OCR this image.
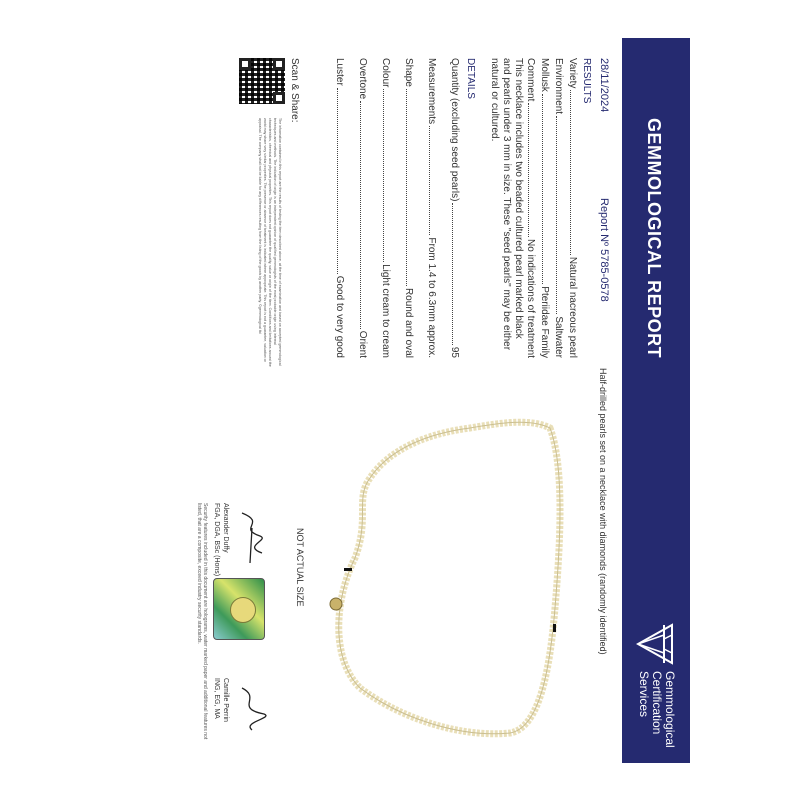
GEMMOLOGICAL REPORT
Gemmological
Certification
Services
28/11/2024
Report Nº 5785-0578
RESULTS
Variety
Natural nacreous pearl
Environment
Saltwater
Mollusk
Pteriidae Family
Comment
No indications of treatment
This necklace includes two beaded cultured pearl marked black and pearls under 3 mm in size. These "seed pearls" may be either natural or cultured.
DETAILS
Quantity (excluding seed pearls)
95
Measurements
From 1.4 to 6.3mm approx.
Shape
Round and oval
Colour
Light cream to cream
Overtone
Orient
Luster
Good to very good
Scan & Share:
The information contained in this report are the results of testing the item described above, at the time of examination and based on accepted gemmological techniques and methods. The indication of origin is an independent opinion of qualified gemmologists of the most probable origin using internal characteristics, chemical and physical properties. This report does not guarantee the quality, value or origin of the item. Conditions and limitations around the world may share very similar properties. The presence or absence of treatment is indicated where appropriate. This report is not a guarantee, valuation or appraisal. The company shall not be liable for any differences resulting from the listing of the goods by another party. ©gemmological ltd
Half-drilled pearls set on a necklace with diamonds (randomly identified)
NOT ACTUAL SIZE
Alexander Duffy
FGA, DGA, BSc (Hons)
Camille Perrin
ING, EG, MA
Security features included in this document are holograms, water marked paper and additional features not listed, that are a composite, exceed industry security standards.
